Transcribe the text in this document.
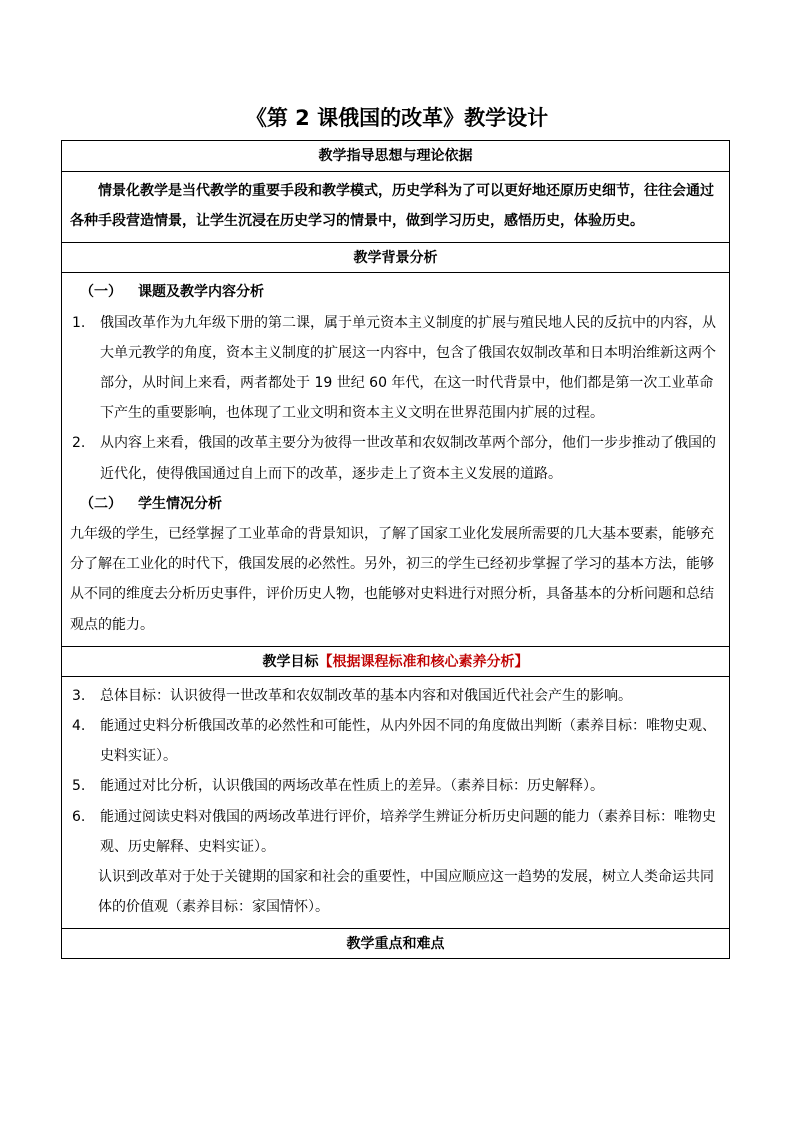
《第 2 课俄国的改革》教学设计
教学指导思想与理论依据

情景化教学是当代教学的重要手段和教学模式，历史学科为了可以更好地还原历史细节，往往会通过各种手段营造情景，让学生沉浸在历史学习的情景中，做到学习历史，感悟历史，体验历史。

教学背景分析

（一） 课题及教学内容分析

1.	俄国改革作为九年级下册的第二课，属于单元资本主义制度的扩展与殖民地人民的反抗中的内容，从大单元教学的角度，资本主义制度的扩展这一内容中，包含了俄国农奴制改革和日本明治维新这两个部分，从时间上来看，两者都处于 19 世纪 60 年代，在这一时代背景中，他们都是第一次工业革命下产生的重要影响，也体现了工业文明和资本主义文明在世界范围内扩展的过程。
2.	从内容上来看，俄国的改革主要分为彼得一世改革和农奴制改革两个部分，他们一步步推动了俄国的近代化，使得俄国通过自上而下的改革，逐步走上了资本主义发展的道路。

（二） 学生情况分析

九年级的学生，已经掌握了工业革命的背景知识，了解了国家工业化发展所需要的几大基本要素，能够充分了解在工业化的时代下，俄国发展的必然性。另外，初三的学生已经初步掌握了学习的基本方法，能够从不同的维度去分析历史事件，评价历史人物，也能够对史料进行对照分析，具备基本的分析问题和总结观点的能力。

教学目标【根据课程标准和核心素养分析】
3.	总体目标：认识彼得一世改革和农奴制改革的基本内容和对俄国近代社会产生的影响。
4.	能通过史料分析俄国改革的必然性和可能性，从内外因不同的角度做出判断（素养目标：唯物史观、史料实证）。
5.	能通过对比分析，认识俄国的两场改革在性质上的差异。（素养目标：历史解释）。
6.	能通过阅读史料对俄国的两场改革进行评价，培养学生辨证分析历史问题的能力（素养目标：唯物史观、历史解释、史料实证）。

认识到改革对于处于关键期的国家和社会的重要性，中国应顺应这一趋势的发展，树立人类命运共同体的价值观（素养目标：家国情怀）。

教学重点和难点
